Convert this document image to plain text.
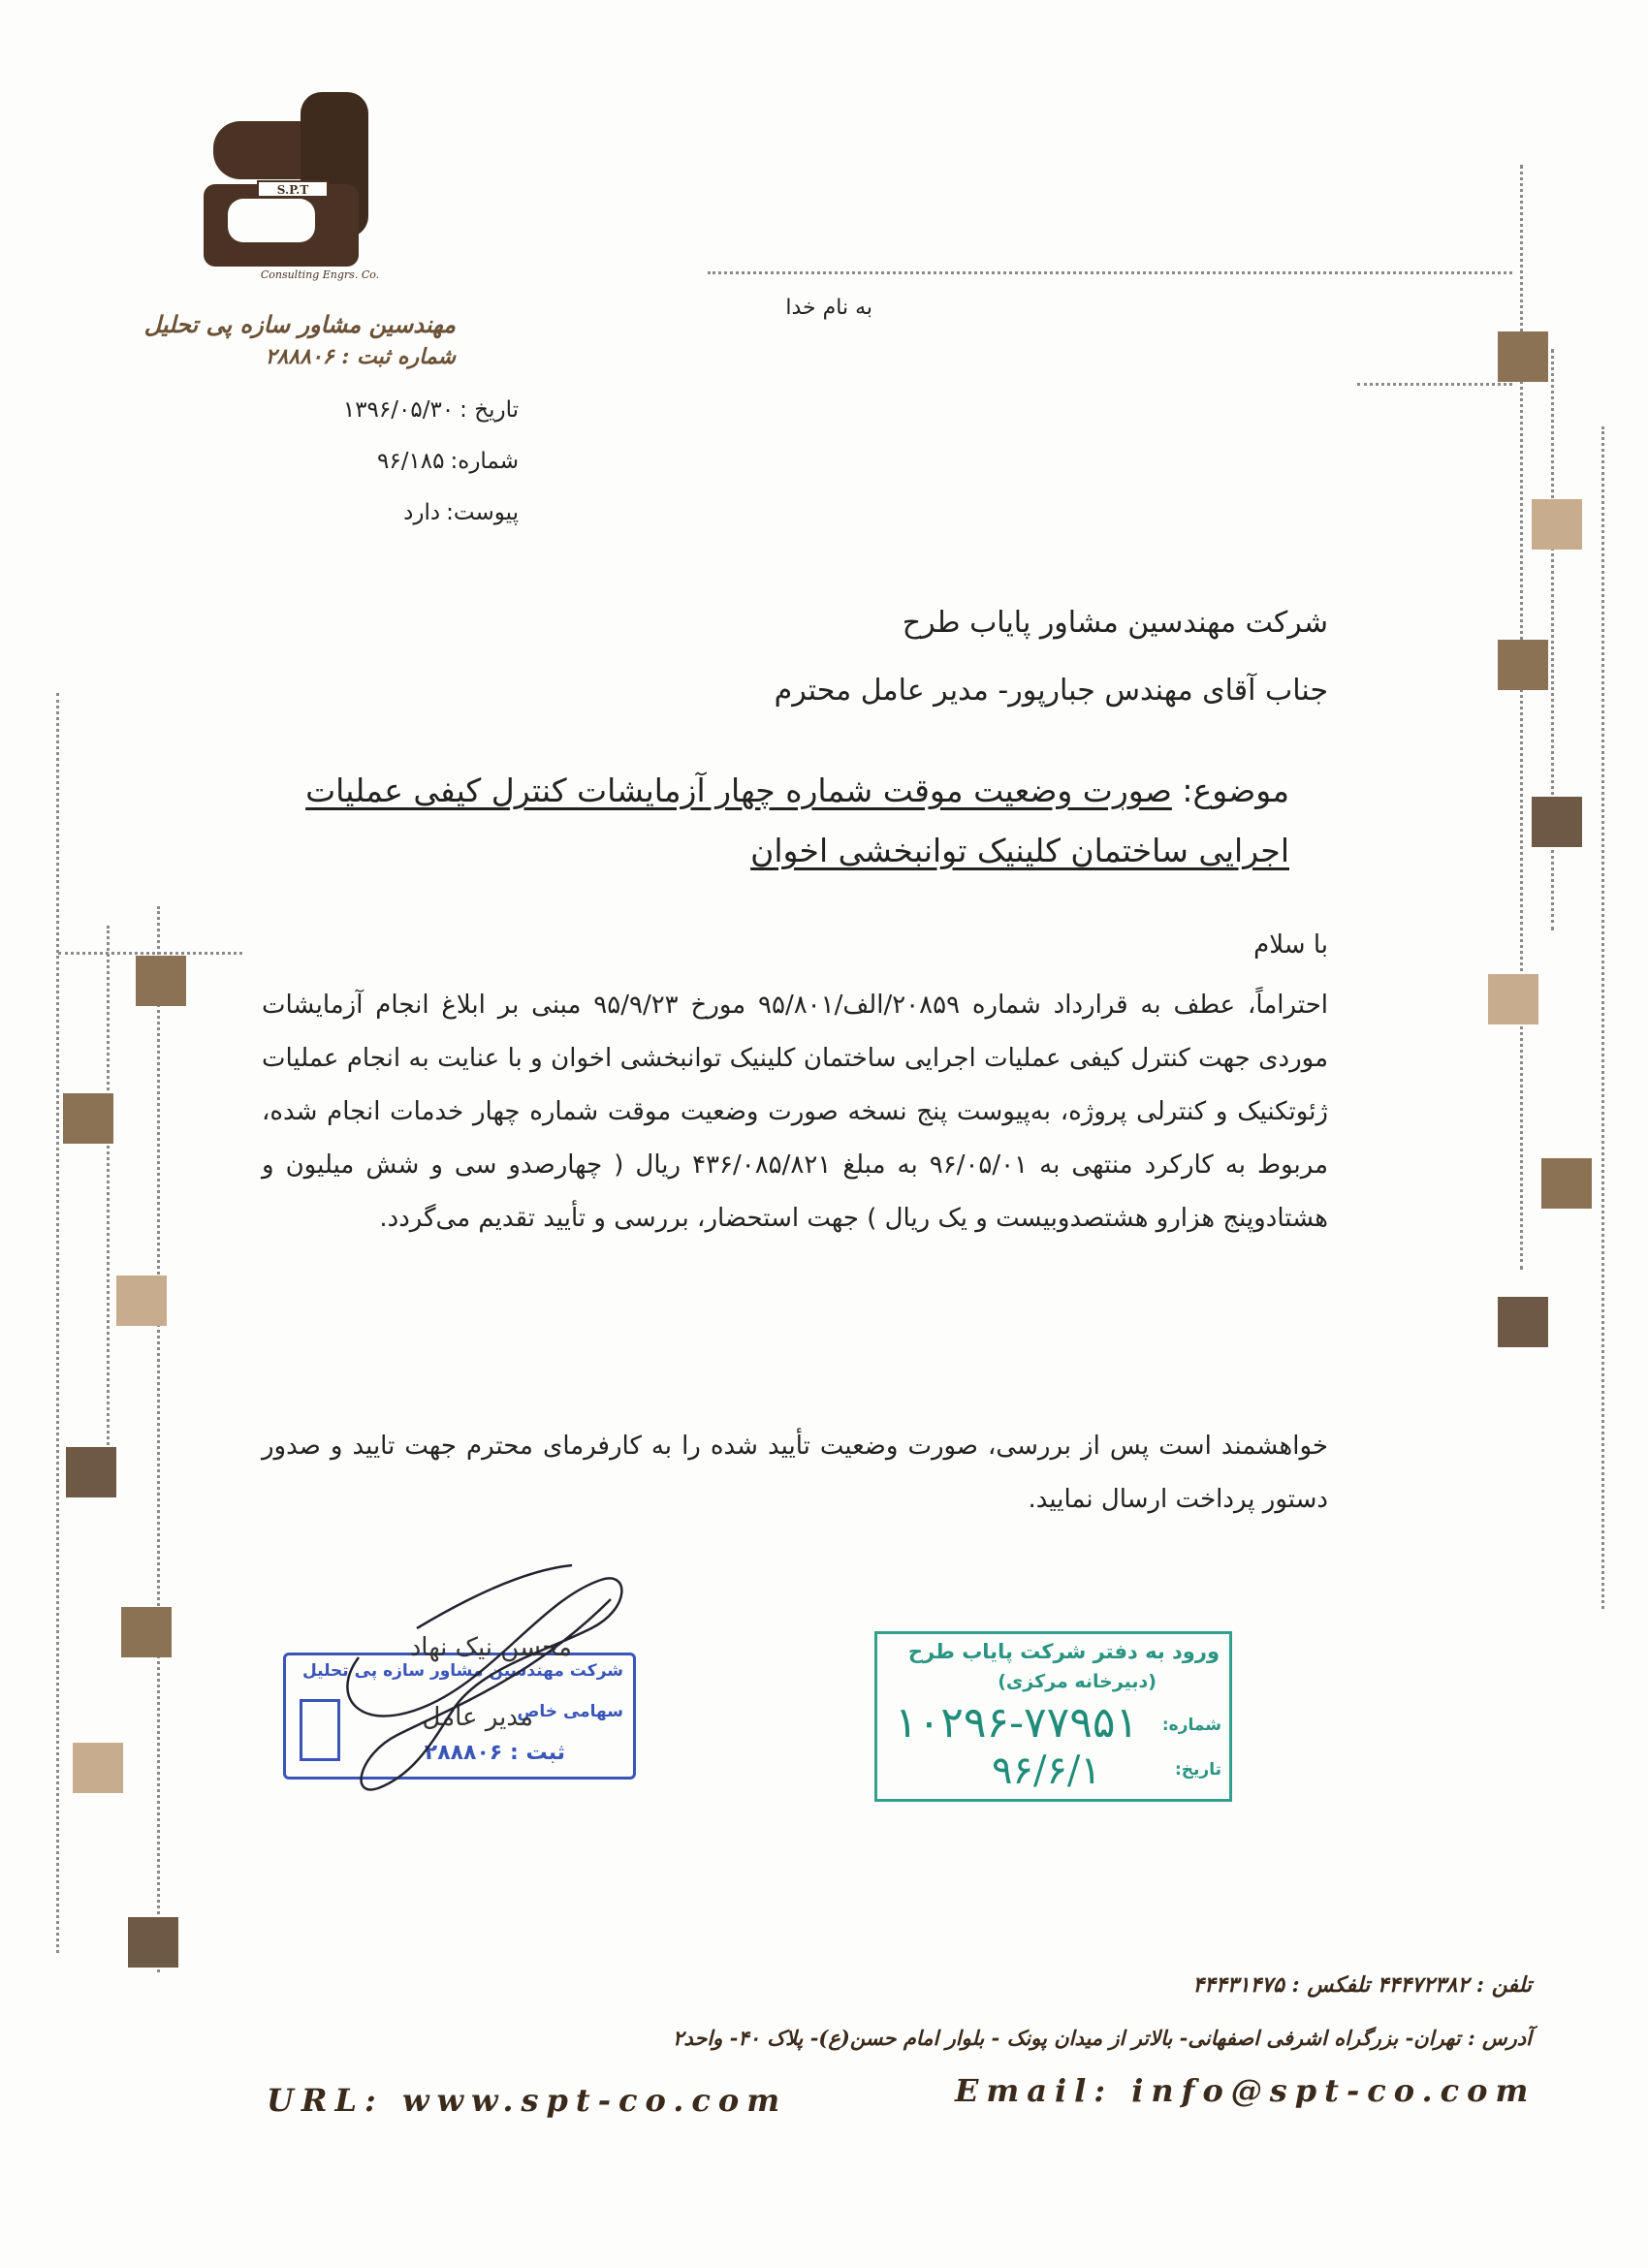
S.P.T
Consulting Engrs. Co.
مهندسین مشاور سازه پی تحلیل
شماره ثبت : ۲۸۸۸۰۶
به نام خدا
تاریخ :۱۳۹۶/۰۵/۳۰
شماره:۹۶/۱۸۵
پیوست:دارد
شرکت مهندسین مشاور پایاب طرح
جناب آقای مهندس جبارپور- مدیر عامل محترم
موضوع: صورت وضعیت موقت شماره چهار آزمایشات کنترل کیفی عملیات اجرایی ساختمان کلینیک توانبخشی اخوان
با سلام
احتراماً، عطف به قرارداد شماره ۲۰۸۵۹/الف/۹۵/۸۰۱ مورخ ۹۵/۹/۲۳ مبنی بر ابلاغ انجام آزمایشات موردی جهت کنترل کیفی عملیات اجرایی ساختمان کلینیک توانبخشی اخوان و با عنایت به انجام عملیات ژئوتکنیک و کنترلی پروژه، به‌پیوست پنج نسخه صورت وضعیت موقت شماره چهار خدمات انجام شده، مربوط به کارکرد منتهی به ۹۶/۰۵/۰۱ به مبلغ ۴۳۶/۰۸۵/۸۲۱ ریال ( چهارصدو سی و شش میلیون و هشتادوپنج هزارو هشتصدوبیست و یک ریال ) جهت استحضار، بررسی و تأیید تقدیم می‌گردد.
خواهشمند است پس از بررسی، صورت وضعیت تأیید شده را به کارفرمای محترم جهت تایید و صدور دستور پرداخت ارسال نمایید.
شرکت مهندسین مشاور سازه پی تحلیل
سهامی خاص
ثبت : ۲۸۸۸۰۶
محسن نیک نهاد
مدیر عامل
ورود به دفتر شرکت پایاب طرح
(دبیرخانه مرکزی)
شماره:
تاریخ:
۱۰۲۹۶-۷۷۹۵۱
۹۶/۶/۱
تلفن : ۴۴۴۷۲۳۸۲ تلفکس : ۴۴۴۳۱۴۷۵
آدرس : تهران- بزرگراه اشرفی اصفهانی- بالاتر از میدان پونک - بلوار امام حسن(ع)- پلاک ۴۰- واحد۲
URL: www.spt-co.com	Email: info@spt-co.com
